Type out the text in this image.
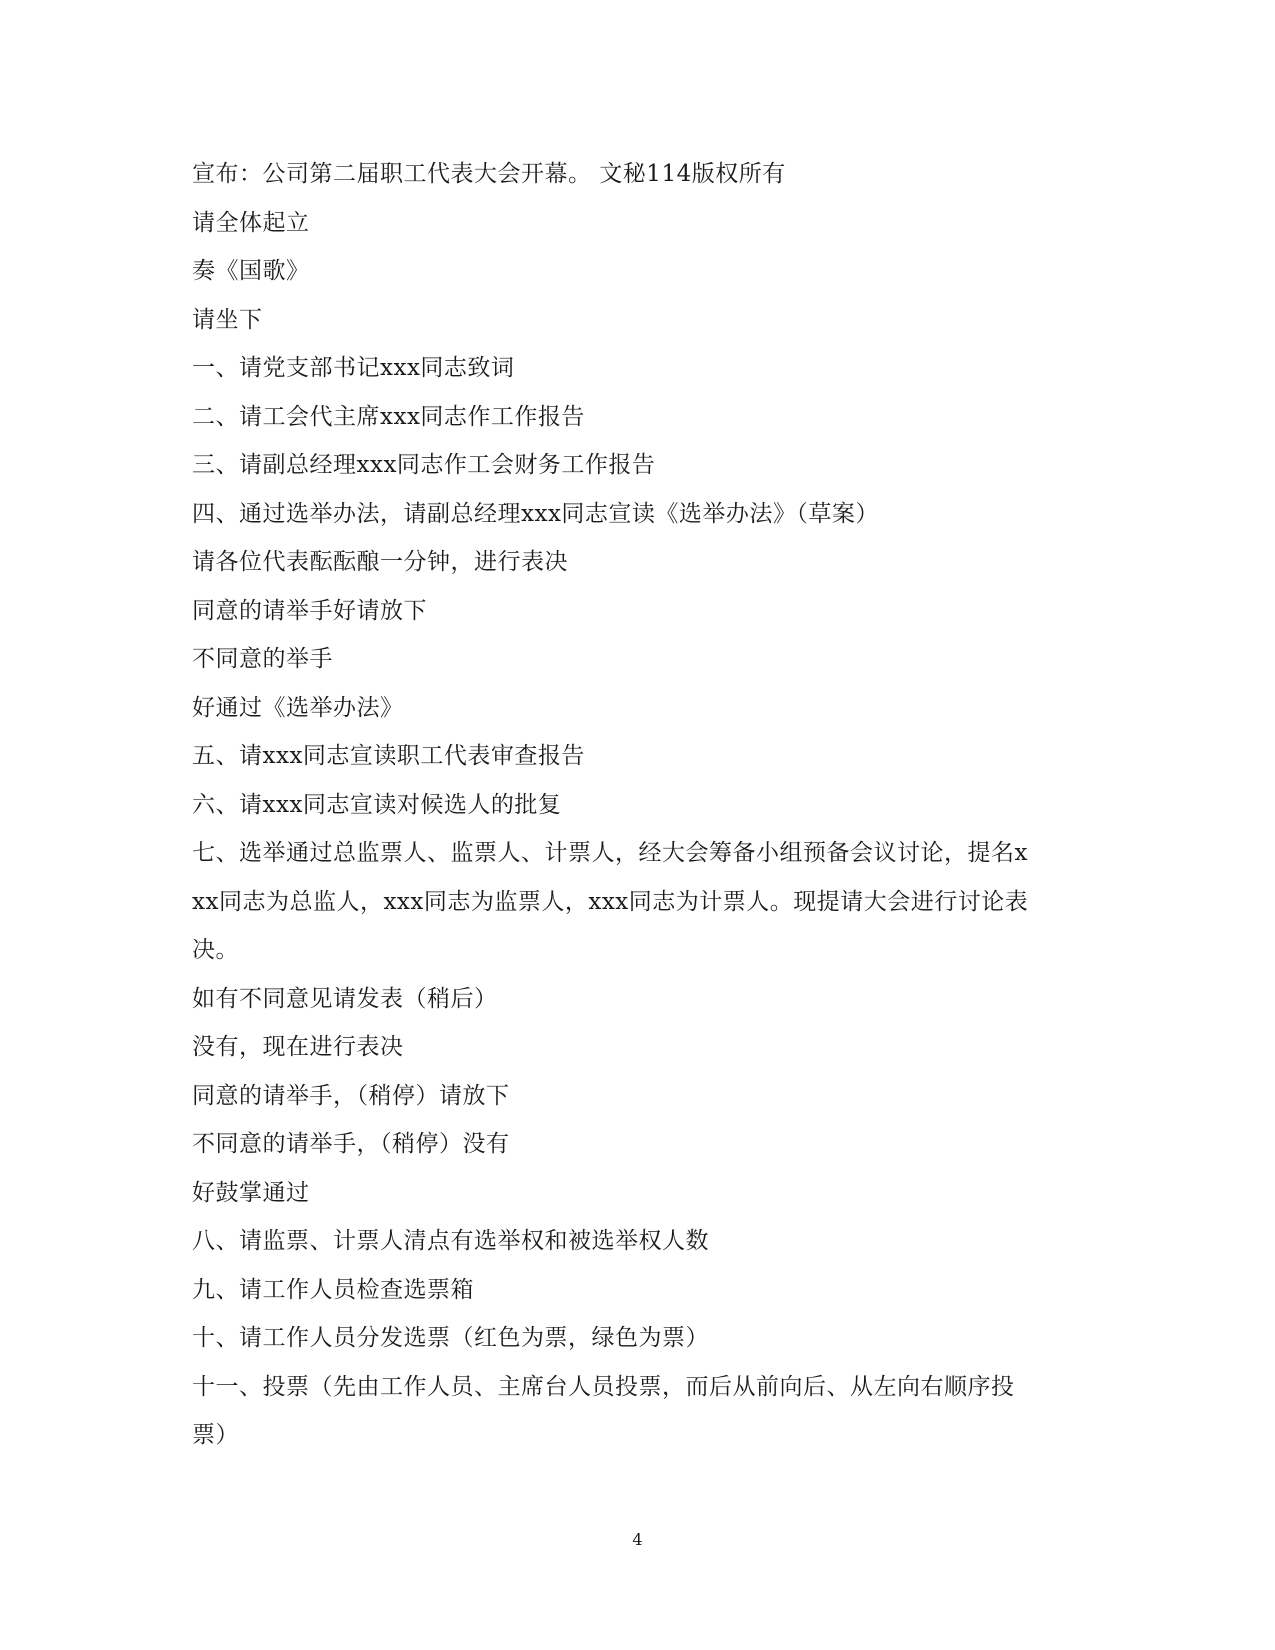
宣布：公司第二届职工代表大会开幕。 文秘114版权所有
请全体起立
奏《国歌》
请坐下
一、请党支部书记xxx同志致词
二、请工会代主席xxx同志作工作报告
三、请副总经理xxx同志作工会财务工作报告
四、通过选举办法，请副总经理xxx同志宣读《选举办法》（草案）
请各位代表酝酝酿一分钟，进行表决
同意的请举手好请放下
不同意的举手
好通过《选举办法》
五、请xxx同志宣读职工代表审查报告
六、请xxx同志宣读对候选人的批复
七、选举通过总监票人、监票人、计票人，经大会筹备小组预备会议讨论，提名x
xx同志为总监人，xxx同志为监票人，xxx同志为计票人。现提请大会进行讨论表
决。
如有不同意见请发表（稍后）
没有，现在进行表决
同意的请举手，（稍停）请放下
不同意的请举手，（稍停）没有
好鼓掌通过
八、请监票、计票人清点有选举权和被选举权人数
九、请工作人员检查选票箱
十、请工作人员分发选票（红色为票，绿色为票）
十一、投票（先由工作人员、主席台人员投票，而后从前向后、从左向右顺序投
票）
4
